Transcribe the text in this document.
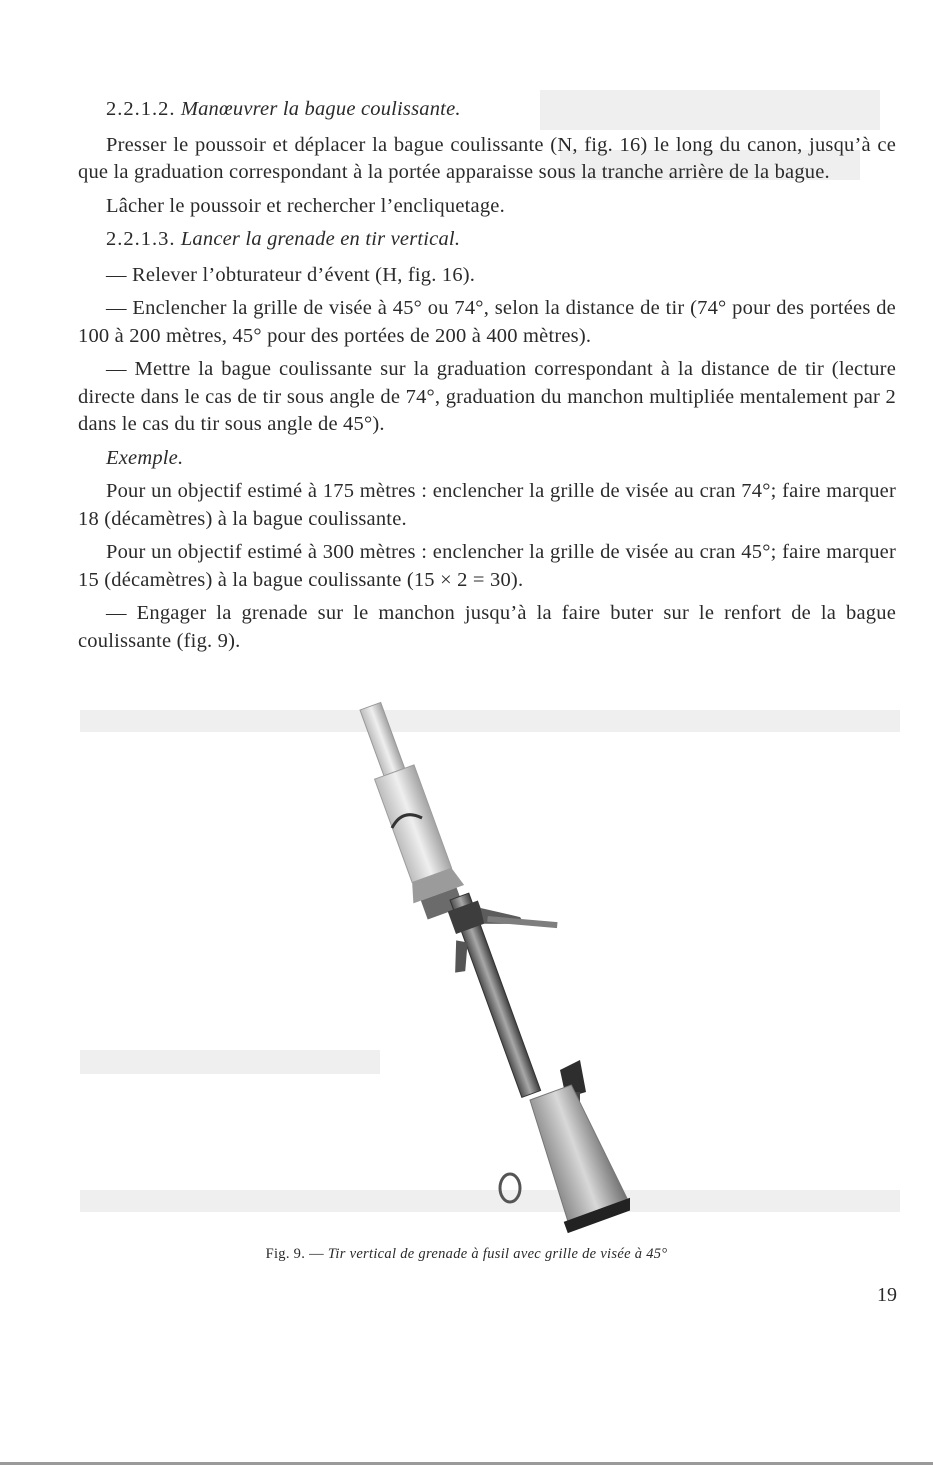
2.2.1.2. Manœuvrer la bague coulissante.

Presser le poussoir et déplacer la bague coulissante (N, fig. 16) le long du canon, jusqu’à ce que la graduation correspondant à la portée apparaisse sous la tranche arrière de la bague.

Lâcher le poussoir et rechercher l’encliquetage.

2.2.1.3. Lancer la grenade en tir vertical.

— Relever l’obturateur d’évent (H, fig. 16).

— Enclencher la grille de visée à 45° ou 74°, selon la distance de tir (74° pour des portées de 100 à 200 mètres, 45° pour des portées de 200 à 400 mètres).

— Mettre la bague coulissante sur la graduation correspondant à la distance de tir (lecture directe dans le cas de tir sous angle de 74°, graduation du manchon multipliée mentalement par 2 dans le cas du tir sous angle de 45°).

Exemple.

Pour un objectif estimé à 175 mètres : enclencher la grille de visée au cran 74°; faire marquer 18 (décamètres) à la bague coulissante.

Pour un objectif estimé à 300 mètres : enclencher la grille de visée au cran 45°; faire marquer 15 (décamètres) à la bague coulissante (15 × 2 = 30).

— Engager la grenade sur le manchon jusqu’à la faire buter sur le renfort de la bague coulissante (fig. 9).

Fig. 9. — Tir vertical de grenade à fusil avec grille de visée à 45°
19
